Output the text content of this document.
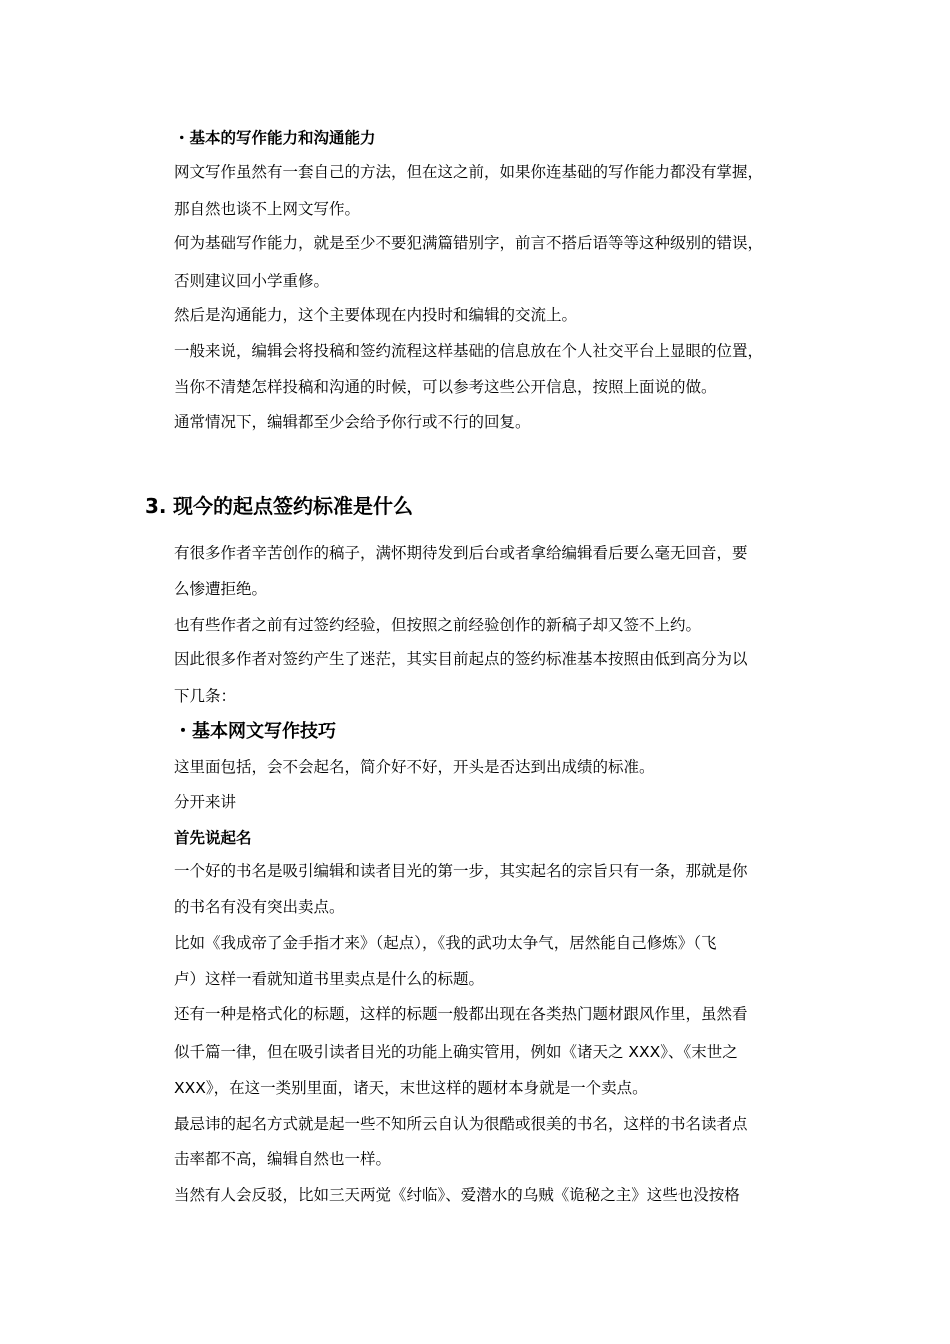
・基本的写作能力和沟通能力
网文写作虽然有一套自己的方法，但在这之前，如果你连基础的写作能力都没有掌握，
那自然也谈不上网文写作。
何为基础写作能力，就是至少不要犯满篇错别字，前言不搭后语等等这种级别的错误，
否则建议回小学重修。
然后是沟通能力，这个主要体现在内投时和编辑的交流上。
一般来说，编辑会将投稿和签约流程这样基础的信息放在个人社交平台上显眼的位置，
当你不清楚怎样投稿和沟通的时候，可以参考这些公开信息，按照上面说的做。
通常情况下，编辑都至少会给予你行或不行的回复。
3. 现今的起点签约标准是什么
有很多作者辛苦创作的稿子，满怀期待发到后台或者拿给编辑看后要么毫无回音，要
么惨遭拒绝。
也有些作者之前有过签约经验，但按照之前经验创作的新稿子却又签不上约。
因此很多作者对签约产生了迷茫，其实目前起点的签约标准基本按照由低到高分为以
下几条：
・基本网文写作技巧
这里面包括，会不会起名，简介好不好，开头是否达到出成绩的标准。
分开来讲
首先说起名
一个好的书名是吸引编辑和读者目光的第一步，其实起名的宗旨只有一条，那就是你
的书名有没有突出卖点。
比如《我成帝了金手指才来》（起点），《我的武功太争气，居然能自己修炼》（飞
卢）这样一看就知道书里卖点是什么的标题。
还有一种是格式化的标题，这样的标题一般都出现在各类热门题材跟风作里，虽然看
似千篇一律，但在吸引读者目光的功能上确实管用，例如《诸天之 XXX》、《末世之
XXX》，在这一类别里面，诸天，末世这样的题材本身就是一个卖点。
最忌讳的起名方式就是起一些不知所云自认为很酷或很美的书名，这样的书名读者点
击率都不高，编辑自然也一样。
当然有人会反驳，比如三天两觉《纣临》、爱潜水的乌贼《诡秘之主》这些也没按格
